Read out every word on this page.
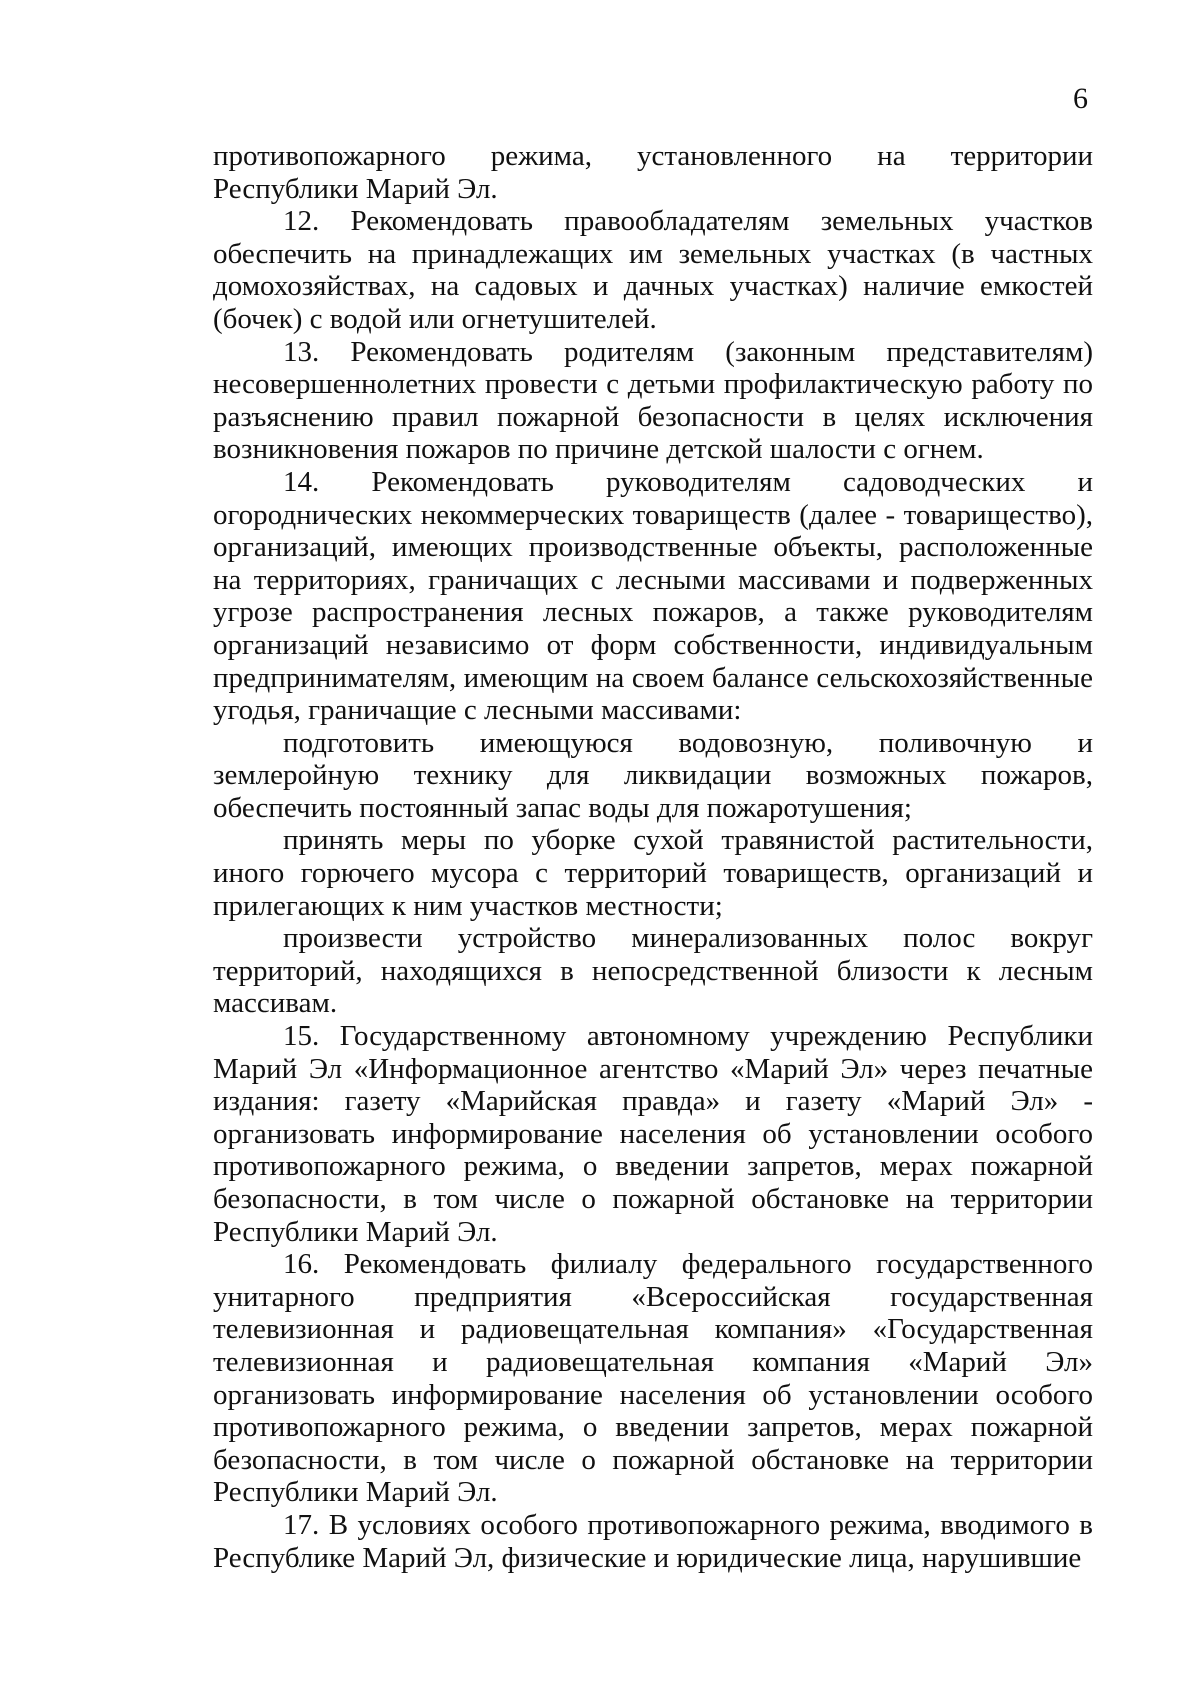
6

противопожарного режима, установленного на территории Республики Марий Эл.

12. Рекомендовать правообладателям земельных участков обеспечить на принадлежащих им земельных участках (в частных домохозяйствах, на садовых и дачных участках) наличие емкостей (бочек) с водой или огнетушителей.

13. Рекомендовать родителям (законным представителям) несовершеннолетних провести с детьми профилактическую работу по разъяснению правил пожарной безопасности в целях исключения возникновения пожаров по причине детской шалости с огнем.

14. Рекомендовать руководителям садоводческих и огороднических некоммерческих товариществ (далее - товарищество), организаций, имеющих производственные объекты, расположенные на территориях, граничащих с лесными массивами и подверженных угрозе распространения лесных пожаров, а также руководителям организаций независимо от форм собственности, индивидуальным предпринимателям, имеющим на своем балансе сельскохозяйственные угодья, граничащие с лесными массивами:

подготовить имеющуюся водовозную, поливочную и землеройную технику для ликвидации возможных пожаров, обеспечить постоянный запас воды для пожаротушения;

принять меры по уборке сухой травянистой растительности, иного горючего мусора с территорий товариществ, организаций и прилегающих к ним участков местности;

произвести устройство минерализованных полос вокруг территорий, находящихся в непосредственной близости к лесным массивам.

15. Государственному автономному учреждению Республики Марий Эл «Информационное агентство «Марий Эл» через печатные издания: газету «Марийская правда» и газету «Марий Эл» - организовать информирование населения об установлении особого противопожарного режима, о введении запретов, мерах пожарной безопасности, в том числе о пожарной обстановке на территории Республики Марий Эл.

16. Рекомендовать филиалу федерального государственного унитарного предприятия «Всероссийская государственная телевизионная и радиовещательная компания» «Государственная телевизионная и радиовещательная компания «Марий Эл» организовать информирование населения об установлении особого противопожарного режима, о введении запретов, мерах пожарной безопасности, в том числе о пожарной обстановке на территории Республики Марий Эл.

17. В условиях особого противопожарного режима, вводимого в Республике Марий Эл, физические и юридические лица, нарушившие
